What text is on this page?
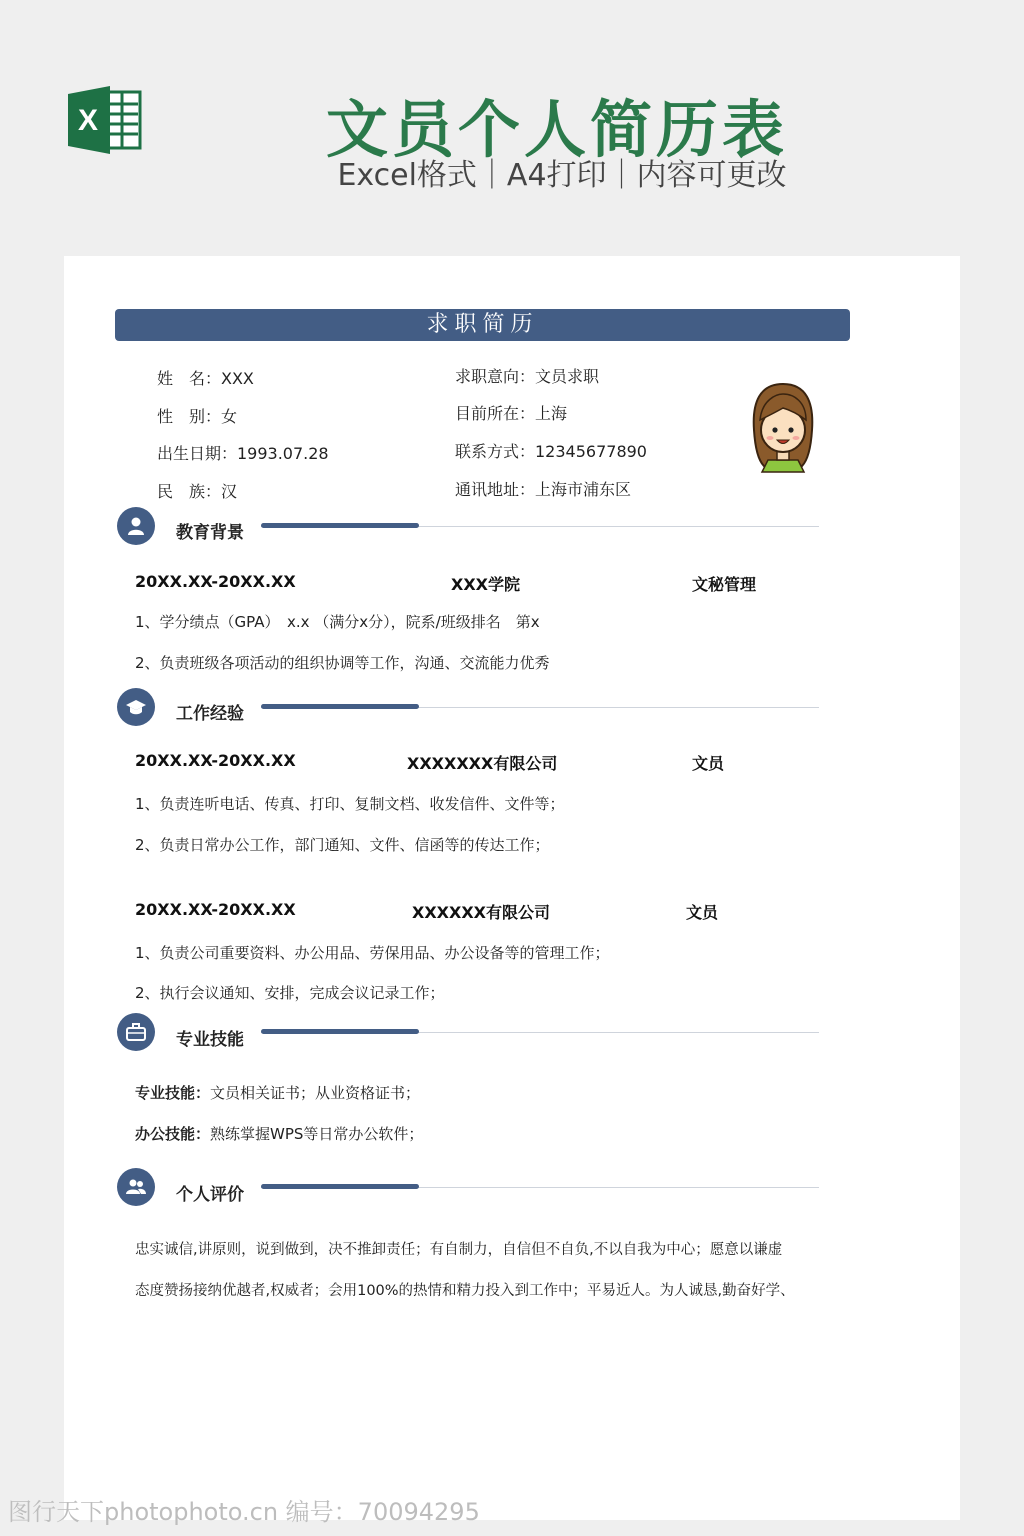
X	文员个人简历表
Excel格式｜A4打印｜内容可更改
求职简历
姓　名：XXX
性　别：女
出生日期：1993.07.28
民　族：汉
求职意向：文员求职
目前所在：上海
联系方式：12345677890
通讯地址：上海市浦东区
教育背景
20XX.XX-20XX.XX	XXX学院	文秘管理
1、学分绩点（GPA）　x.x （满分x分），院系/班级排名　第x
2、负责班级各项活动的组织协调等工作，沟通、交流能力优秀
工作经验
20XX.XX-20XX.XX	XXXXXXX有限公司	文员
1、负责连听电话、传真、打印、复制文档、收发信件、文件等；
2、负责日常办公工作，部门通知、文件、信函等的传达工作；
20XX.XX-20XX.XX	XXXXXX有限公司	文员
1、负责公司重要资料、办公用品、劳保用品、办公设备等的管理工作；
2、执行会议通知、安排，完成会议记录工作；
专业技能
专业技能：文员相关证书；从业资格证书；
办公技能：熟练掌握WPS等日常办公软件；
个人评价
忠实诚信,讲原则，说到做到，决不推卸责任；有自制力，自信但不自负,不以自我为中心；愿意以谦虚
态度赞扬接纳优越者,权威者；会用100%的热情和精力投入到工作中；平易近人。为人诚恳,勤奋好学、
图行天下photophoto.cn 编号：70094295
